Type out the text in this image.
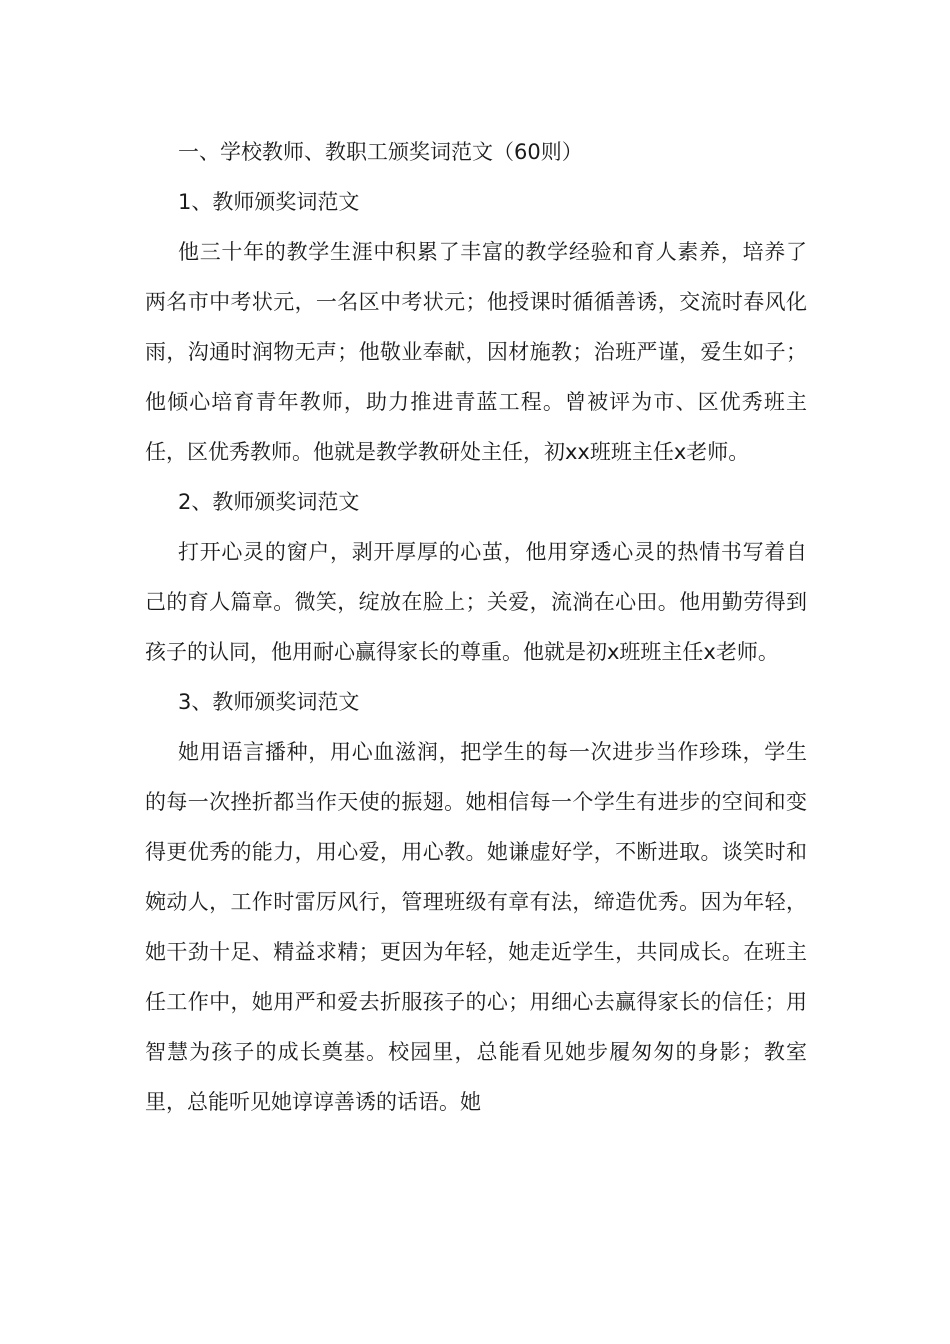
一、学校教师、教职工颁奖词范文（60则）

1、教师颁奖词范文

他三十年的教学生涯中积累了丰富的教学经验和育人素养，培养了两名市中考状元，一名区中考状元；他授课时循循善诱，交流时春风化雨，沟通时润物无声；他敬业奉献，因材施教；治班严谨，爱生如子；他倾心培育青年教师，助力推进青蓝工程。曾被评为市、区优秀班主任，区优秀教师。他就是教学教研处主任，初xx班班主任x老师。

2、教师颁奖词范文

打开心灵的窗户，剥开厚厚的心茧，他用穿透心灵的热情书写着自己的育人篇章。微笑，绽放在脸上；关爱，流淌在心田。他用勤劳得到孩子的认同，他用耐心赢得家长的尊重。他就是初x班班主任x老师。

3、教师颁奖词范文

她用语言播种，用心血滋润，把学生的每一次进步当作珍珠，学生的每一次挫折都当作天使的振翅。她相信每一个学生有进步的空间和变得更优秀的能力，用心爱，用心教。她谦虚好学，不断进取。谈笑时和婉动人，工作时雷厉风行，管理班级有章有法，缔造优秀。因为年轻，她干劲十足、精益求精；更因为年轻，她走近学生，共同成长。在班主任工作中，她用严和爱去折服孩子的心；用细心去赢得家长的信任；用智慧为孩子的成长奠基。校园里，总能看见她步履匆匆的身影；教室里，总能听见她谆谆善诱的话语。她
